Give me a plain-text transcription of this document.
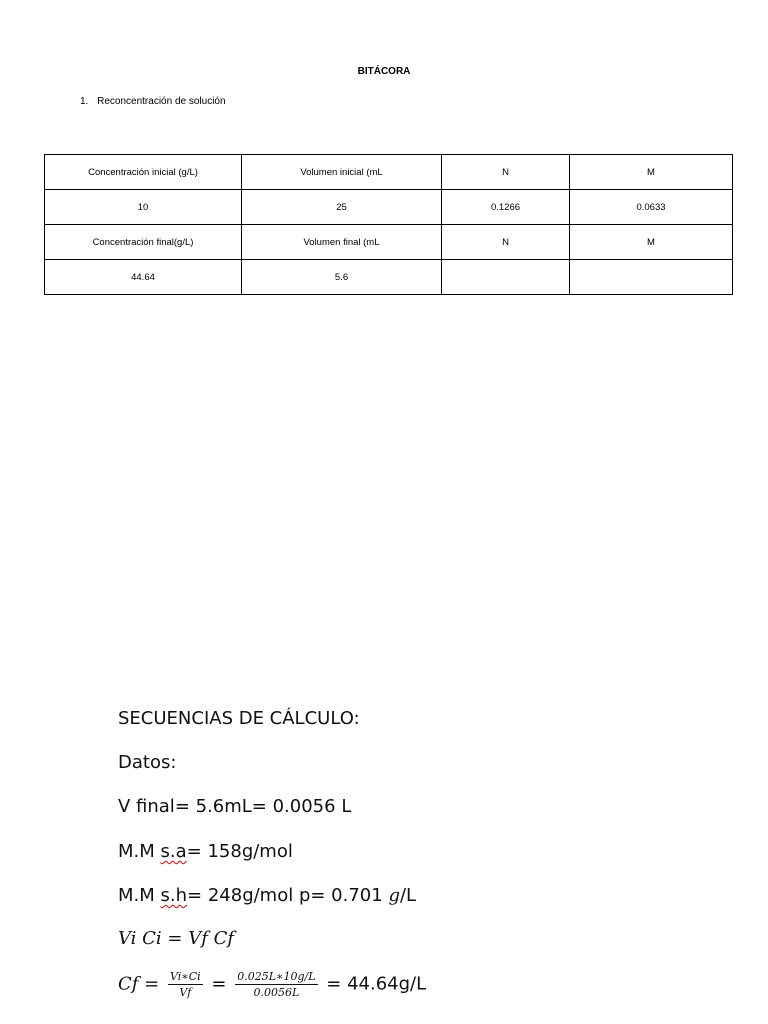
BITÁCORA
1. Reconcentración de solución
Concentración inicial (g/L)	Volumen inicial (mL	N	M
10	25	0.1266	0.0633
Concentración final(g/L)	Volumen final (mL	N	M
44.64	5.6		
SECUENCIAS DE CÁLCULO:
Datos:
V final= 5.6mL= 0.0056 L
M.M s.a= 158g/mol
M.M s.h= 248g/mol p= 0.701 g/L
Vi Ci = Vf Cf
$Cf = \frac{Vi∗Ci}{Vf} = \frac{0.025L∗10g/L}{0.0056L} = 44.64g/L$
